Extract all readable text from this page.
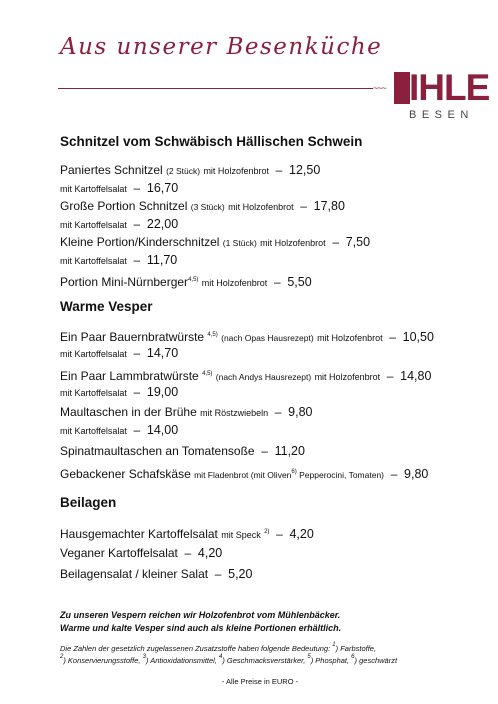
Aus unserer Besenküche
~~~ IHLE
BESEN
Schnitzel vom Schwäbisch Hällischen Schwein
Paniertes Schnitzel (2 Stück) mit Holzofenbrot – 12,50
mit Kartoffelsalat – 16,70
Große Portion Schnitzel (3 Stück) mit Holzofenbrot – 17,80
mit Kartoffelsalat – 22,00
Kleine Portion/Kinderschnitzel (1 Stück) mit Holzofenbrot – 7,50
mit Kartoffelsalat – 11,70
Portion Mini-Nürnberger$^{4,5)}$ mit Holzofenbrot – 5,50
Warme Vesper
Ein Paar Bauernbratwürste $^{4,5)}$ (nach Opas Hausrezept) mit Holzofenbrot – 10,50
mit Kartoffelsalat – 14,70
Ein Paar Lammbratwürste $^{4,5)}$ (nach Andys Hausrezept) mit Holzofenbrot – 14,80
mit Kartoffelsalat – 19,00
Maultaschen in der Brühe mit Röstzwiebeln – 9,80
mit Kartoffelsalat – 14,00
Spinatmaultaschen an Tomatensoße – 11,20
Gebackener Schafskäse mit Fladenbrot (mit Oliven$^{6)}$ Pepperocini, Tomaten) – 9,80
Beilagen
Hausgemachter Kartoffelsalat mit Speck $^{2)}$ – 4,20
Veganer Kartoffelsalat – 4,20
Beilagensalat / kleiner Salat – 5,20
Zu unseren Vespern reichen wir Holzofenbrot vom Mühlenbäcker.
Warme und kalte Vesper sind auch als kleine Portionen erhältlich.
Die Zahlen der gesetzlich zugelassenen Zusatzstoffe haben folgende Bedeutung: $^1$) Farbstoffe,
$^2$) Konservierungsstoffe, $^3$) Antioxidationsmittel, $^4$) Geschmacksverstärker, $^5$) Phosphat, $^6$) geschwärzt
- Alle Preise in EURO -
